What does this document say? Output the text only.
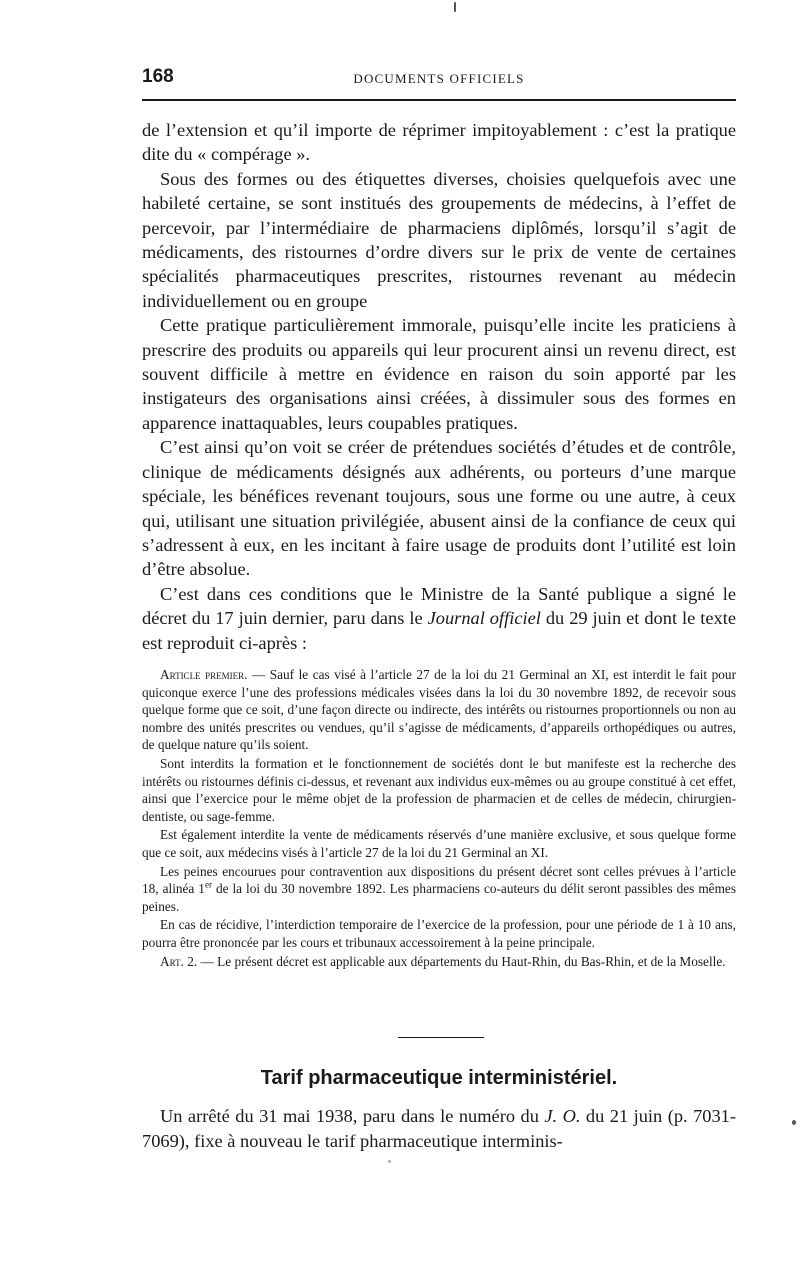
168	DOCUMENTS OFFICIELS

de l’extension et qu’il importe de réprimer impitoyablement : c’est la pratique dite du « compérage ».

Sous des formes ou des étiquettes diverses, choisies quelquefois avec une habileté certaine, se sont institués des groupements de médecins, à l’effet de percevoir, par l’intermédiaire de pharmaciens diplômés, lorsqu’il s’agit de médicaments, des ristournes d’ordre divers sur le prix de vente de certaines spécialités pharmaceutiques prescrites, ristournes revenant au médecin individuellement ou en groupe

Cette pratique particulièrement immorale, puisqu’elle incite les praticiens à prescrire des produits ou appareils qui leur procurent ainsi un revenu direct, est souvent difficile à mettre en évidence en raison du soin apporté par les instigateurs des organisations ainsi créées, à dissimuler sous des formes en apparence inattaquables, leurs coupables pratiques.

C’est ainsi qu’on voit se créer de prétendues sociétés d’études et de contrôle, clinique de médicaments désignés aux adhérents, ou porteurs d’une marque spéciale, les bénéfices revenant toujours, sous une forme ou une autre, à ceux qui, utilisant une situation privilégiée, abusent ainsi de la confiance de ceux qui s’adressent à eux, en les incitant à faire usage de produits dont l’utilité est loin d’être absolue.

C’est dans ces conditions que le Ministre de la Santé publique a signé le décret du 17 juin dernier, paru dans le Journal officiel du 29 juin et dont le texte est reproduit ci-après :

Article premier. — Sauf le cas visé à l’article 27 de la loi du 21 Germinal an XI, est interdit le fait pour quiconque exerce l’une des professions médicales visées dans la loi du 30 novembre 1892, de recevoir sous quelque forme que ce soit, d’une façon directe ou indirecte, des intérêts ou ristournes proportionnels ou non au nombre des unités prescrites ou vendues, qu’il s’agisse de médicaments, d’appareils orthopédiques ou autres, de quelque nature qu’ils soient.

Sont interdits la formation et le fonctionnement de sociétés dont le but manifeste est la recherche des intérêts ou ristournes définis ci-dessus, et revenant aux individus eux-mêmes ou au groupe constitué à cet effet, ainsi que l’exercice pour le même objet de la profession de pharmacien et de celles de médecin, chirurgien-dentiste, ou sage-femme.

Est également interdite la vente de médicaments réservés d’une manière exclusive, et sous quelque forme que ce soit, aux médecins visés à l’article 27 de la loi du 21 Germinal an XI.

Les peines encourues pour contravention aux dispositions du présent décret sont celles prévues à l’article 18, alinéa 1er de la loi du 30 novembre 1892. Les pharmaciens co-auteurs du délit seront passibles des mêmes peines.

En cas de récidive, l’interdiction temporaire de l’exercice de la profession, pour une période de 1 à 10 ans, pourra être prononcée par les cours et tribunaux accessoirement à la peine principale.

Art. 2. — Le présent décret est applicable aux départements du Haut-Rhin, du Bas-Rhin, et de la Moselle.

Tarif pharmaceutique interministériel.

Un arrêté du 31 mai 1938, paru dans le numéro du J. O. du 21 juin (p. 7031-7069), fixe à nouveau le tarif pharmaceutique interminis-
